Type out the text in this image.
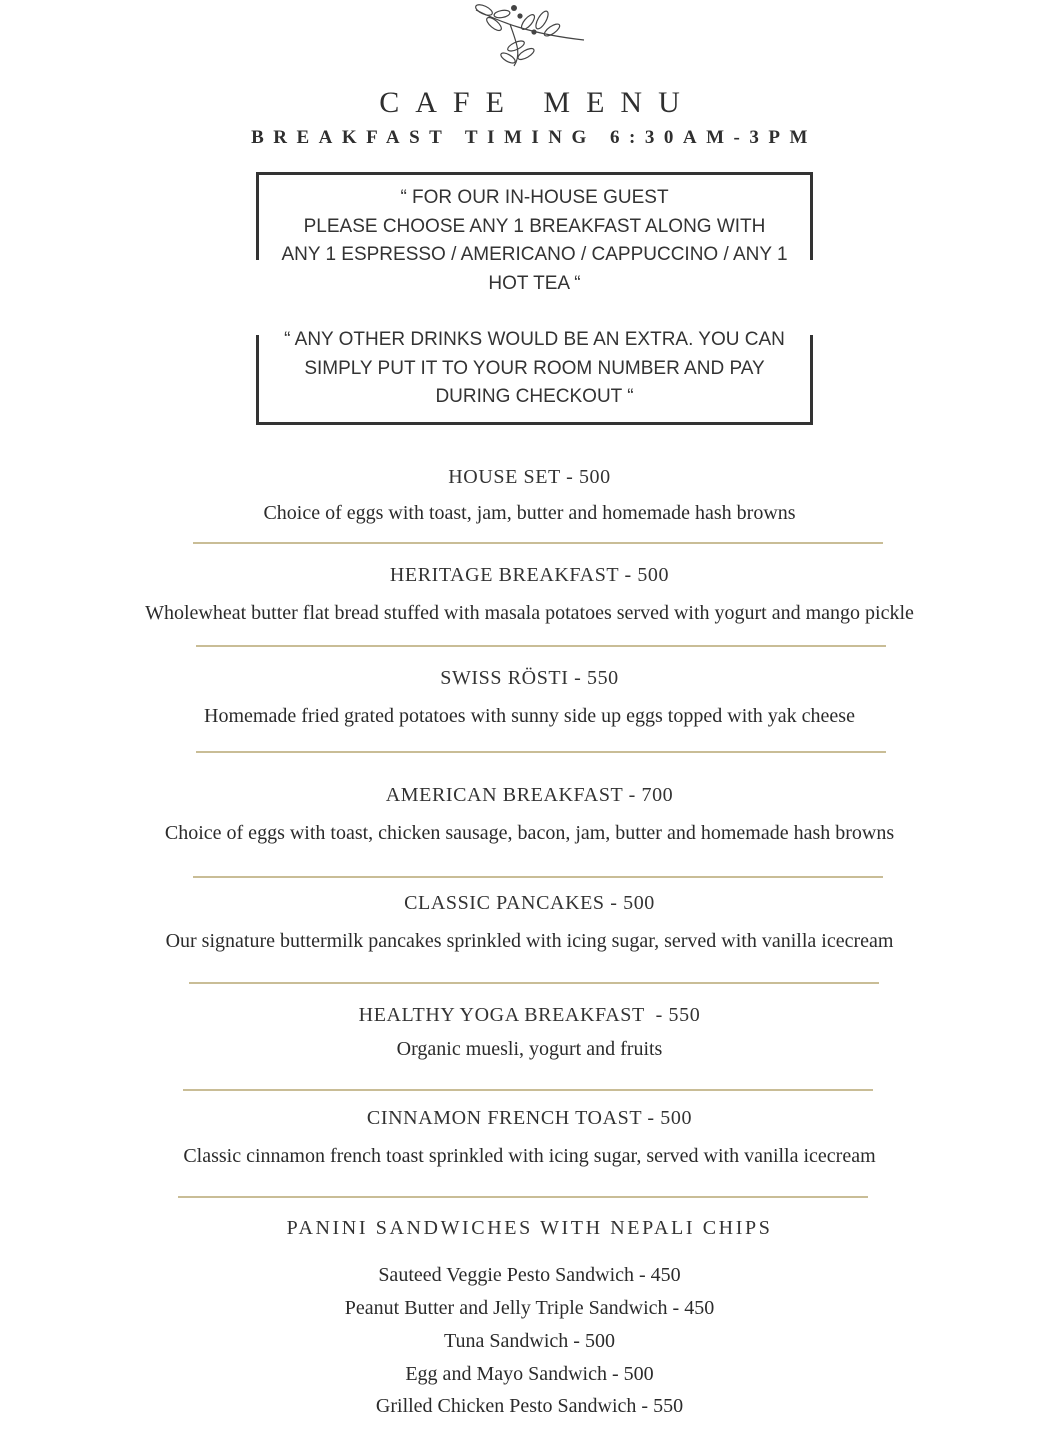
CAFE MENU
BREAKFAST TIMING 6:30AM-3PM
“ FOR OUR IN-HOUSE GUEST
PLEASE CHOOSE ANY 1 BREAKFAST ALONG WITH
ANY 1 ESPRESSO / AMERICANO / CAPPUCCINO / ANY 1
HOT TEA “
“ ANY OTHER DRINKS WOULD BE AN EXTRA. YOU CAN
SIMPLY PUT IT TO YOUR ROOM NUMBER AND PAY
DURING CHECKOUT “
HOUSE SET - 500
Choice of eggs with toast, jam, butter and homemade hash browns
HERITAGE BREAKFAST - 500
Wholewheat butter flat bread stuffed with masala potatoes served with yogurt and mango pickle
SWISS RÖSTI - 550
Homemade fried grated potatoes with sunny side up eggs topped with yak cheese
AMERICAN BREAKFAST - 700
Choice of eggs with toast, chicken sausage, bacon, jam, butter and homemade hash browns
CLASSIC PANCAKES - 500
Our signature buttermilk pancakes sprinkled with icing sugar, served with vanilla icecream
HEALTHY YOGA BREAKFAST  - 550
Organic muesli, yogurt and fruits
CINNAMON FRENCH TOAST - 500
Classic cinnamon french toast sprinkled with icing sugar, served with vanilla icecream
PANINI SANDWICHES WITH NEPALI CHIPS
Sauteed Veggie Pesto Sandwich - 450
Peanut Butter and Jelly Triple Sandwich - 450
Tuna Sandwich - 500
Egg and Mayo Sandwich - 500
Grilled Chicken Pesto Sandwich - 550
